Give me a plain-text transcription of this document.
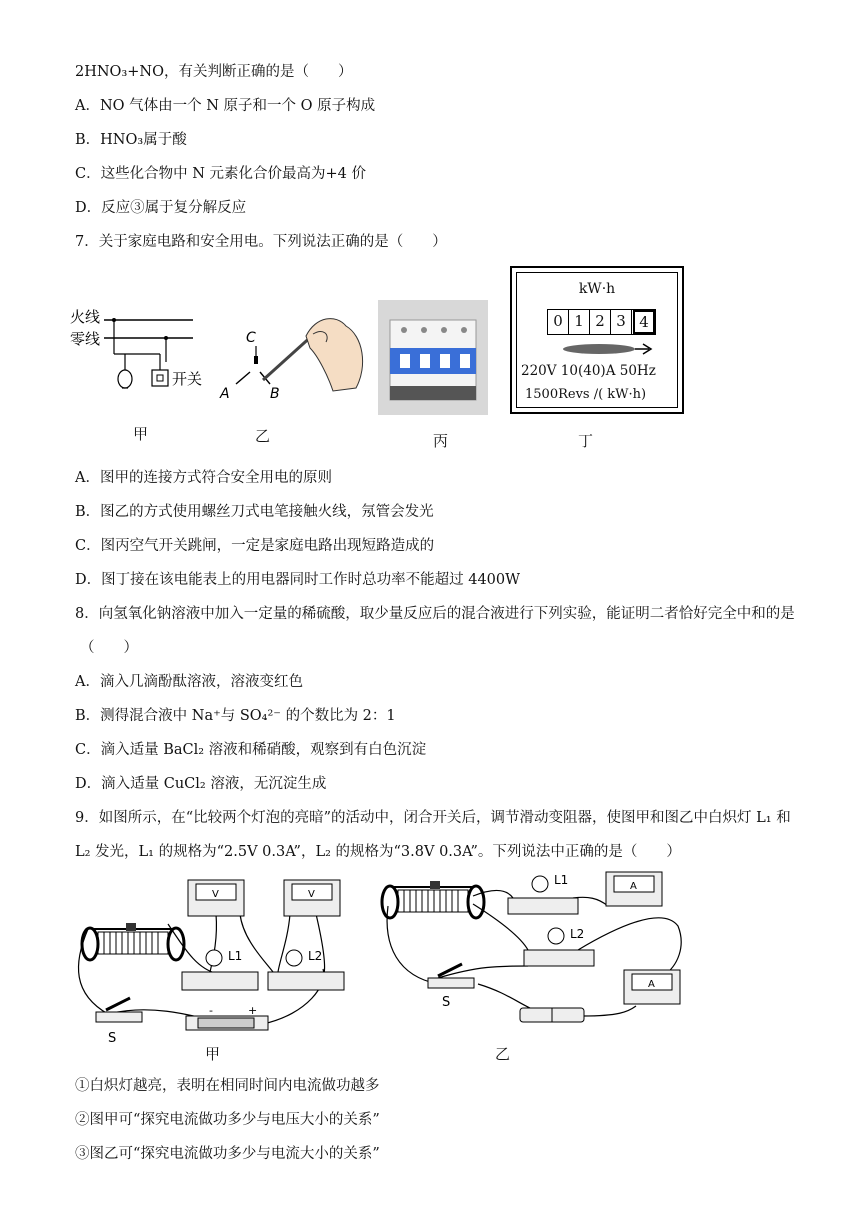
2HNO₃+NO，有关判断正确的是（　　）
A．NO 气体由一个 N 原子和一个 O 原子构成
B．HNO₃属于酸
C．这些化合物中 N 元素化合价最高为+4 价
D．反应③属于复分解反应
7．关于家庭电路和安全用电。下列说法正确的是（　　）
火线
零线
开关
甲
C
A	B
乙	丙
kW·h
0 1 2 3 4
220V 10(40)A 50Hz
1500Revs /( kW·h)
丁
A．图甲的连接方式符合安全用电的原则
B．图乙的方式使用螺丝刀式电笔接触火线，氖管会发光
C．图丙空气开关跳闸，一定是家庭电路出现短路造成的
D．图丁接在该电能表上的用电器同时工作时总功率不能超过 4400W
8．向氢氧化钠溶液中加入一定量的稀硫酸，取少量反应后的混合液进行下列实验，能证明二者恰好完全中和的是
（　　）
A．滴入几滴酚酞溶液，溶液变红色
B．测得混合液中 Na⁺与 SO₄²⁻ 的个数比为 2：1
C．滴入适量 BaCl₂ 溶液和稀硝酸，观察到有白色沉淀
D．滴入适量 CuCl₂ 溶液，无沉淀生成
9．如图所示，在“比较两个灯泡的亮暗”的活动中，闭合开关后，调节滑动变阻器，使图甲和图乙中白炽灯 L₁ 和
L₂ 发光，L₁ 的规格为“2.5V 0.3A”，L₂ 的规格为“3.8V 0.3A”。下列说法中正确的是（　　）
S
-	+
V	V
L1	L2
甲
S
L1
L2
A
A
乙
①白炽灯越亮，表明在相同时间内电流做功越多
②图甲可“探究电流做功多少与电压大小的关系”
③图乙可“探究电流做功多少与电流大小的关系”
